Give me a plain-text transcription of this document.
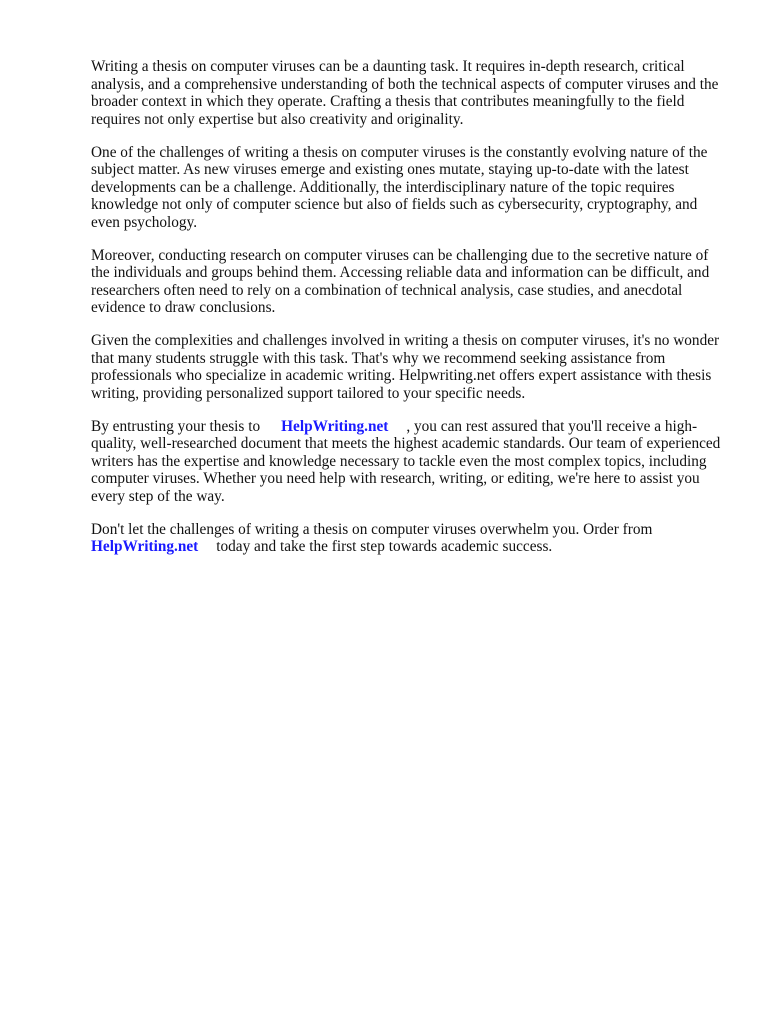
Writing a thesis on computer viruses can be a daunting task. It requires in-depth research, critical analysis, and a comprehensive understanding of both the technical aspects of computer viruses and the broader context in which they operate. Crafting a thesis that contributes meaningfully to the field requires not only expertise but also creativity and originality.

One of the challenges of writing a thesis on computer viruses is the constantly evolving nature of the subject matter. As new viruses emerge and existing ones mutate, staying up-to-date with the latest developments can be a challenge. Additionally, the interdisciplinary nature of the topic requires knowledge not only of computer science but also of fields such as cybersecurity, cryptography, and even psychology.

Moreover, conducting research on computer viruses can be challenging due to the secretive nature of the individuals and groups behind them. Accessing reliable data and information can be difficult, and researchers often need to rely on a combination of technical analysis, case studies, and anecdotal evidence to draw conclusions.

Given the complexities and challenges involved in writing a thesis on computer viruses, it's no wonder that many students struggle with this task. That's why we recommend seeking assistance from professionals who specialize in academic writing. Helpwriting.net offers expert assistance with thesis writing, providing personalized support tailored to your specific needs.

By entrusting your thesis to HelpWriting.net , you can rest assured that you'll receive a high-quality, well-researched document that meets the highest academic standards. Our team of experienced writers has the expertise and knowledge necessary to tackle even the most complex topics, including computer viruses. Whether you need help with research, writing, or editing, we're here to assist you every step of the way.

Don't let the challenges of writing a thesis on computer viruses overwhelm you. Order from
HelpWriting.net today and take the first step towards academic success.
